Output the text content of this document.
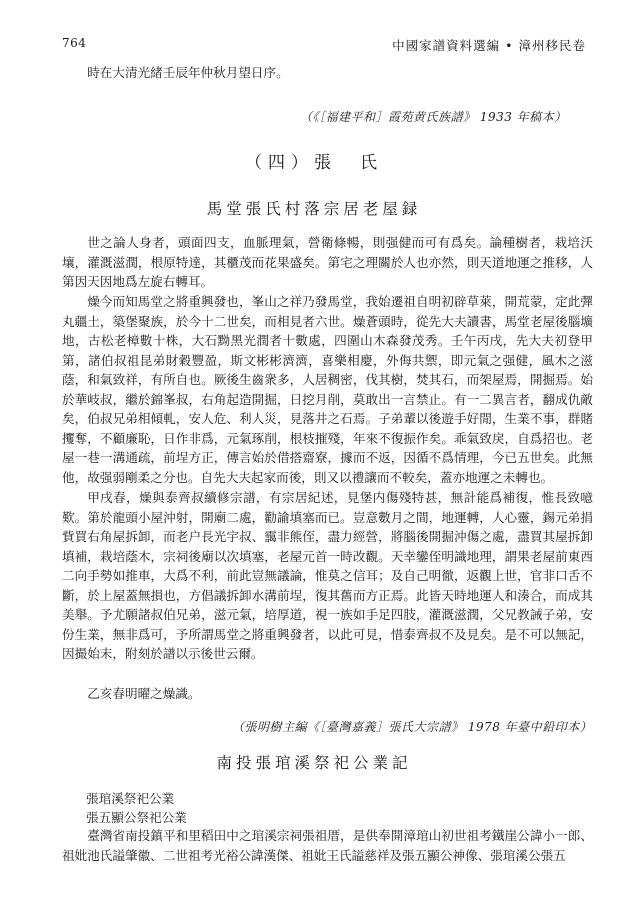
764	中國家譜資料選編 • 漳州移民卷

時在大清光緒壬辰年仲秋月望日序。

（《［福建平和］霞苑黄氏族譜》 1933 年稿本）
（四）張　氏
馬堂張氏村落宗居老屋録

世之論人身者，頭面四支，血脈理氣，營衛條暢，則强健而可有爲矣。論種樹者，栽培沃壤，灌溉滋潤，根原特達，其櫃茂而花果盛矣。第宅之理關於人也亦然，則天道地運之推移，人第因天因地爲左旋右轉耳。

燥今而知馬堂之將重興發也，峯山之祥乃發馬堂，我始遷祖自明初辟草萊，開荒蒙，定此彈丸疆土，築堡聚族，於今十二世矣，而相見者六世。燥蒼頭時，從先大夫讀書，馬堂老屋後腦壙地，古松老樟數十株，大石黝黑光潤者十數處，四圍山木森發茂秀。壬午丙戌，先大夫初登甲第，諸伯叔祖昆弟財穀豐盈，斯文彬彬濟濟，喜樂相慶，外侮共禦，即元氣之强健，風木之滋蔭，和氣致祥，有所自也。厥後生齒衆多，人居稠密，伐其樹，焚其石，而架屋焉，開掘焉。始於華岐叔，繼於錦峯叔，右角起造開掘，日挖月削，莫敢出一言禁止。有一二異言者，翻成仇敵矣，伯叔兄弟相傾軋，安人危、利人災，見落井之石焉。子弟輩以後遊手好閒，生業不事，群賭攫奪，不顧廉恥，日作非爲，元氣琢削，根枝摧殘，年來不復振作矣。乖氣致戾，自爲招也。老屋一巷一溝通疏，前埕方正，傳言始於借搭齋寮，據而不返，因循不爲情理，今已五世矣。此無他，故强弱剛柔之分也。自先大夫起家而後，則又以禮讓而不較矣，蓋亦地運之未轉也。

甲戌春，燥與泰齊叔續修宗譜，有宗居紀述，見堡内傷殘特甚，無計能爲補復，惟長致噫歎。第於龍頭小屋沖射，開廟二處，勸諭填塞而已。豈意數月之間，地運轉，人心靈，錫元弟捐貲買右角屋拆卸，而老户長光宇叔、靄非熊侄，盡力經營，將腦後開掘沖傷之處，盡買其屋拆卸填補，栽培蔭木，宗祠後廟以次填塞，老屋元首一時改觀。天幸鑾侄明識地理，謂果老屋前東西二向手勢如推車，大爲不利，前此豈無議論，惟莫之信耳；及自己明徹，返觀上世，官非口舌不斷，於上屋蓋無損也，方倡議拆卸水溝前埕，復其舊而方正焉。此皆天時地運人和湊合，而成其美舉。予尤願諸叔伯兄弟，滋元氣，培厚道，視一族如手足四肢，灌溉滋潤，父兄教誡子弟，安份生業，無非爲可，予所謂馬堂之將重興發者，以此可見，惜泰齊叔不及見矣。是不可以無記，因撮始末，附刻於譜以示後世云爾。

乙亥春明曜之燥識。

（張明樹主編《［臺灣嘉義］張氏大宗譜》 1978 年臺中鉛印本）
南投張琯溪祭祀公業記
張琯溪祭祀公業
張五顯公祭祀公業

臺灣省南投鎮平和里稻田中之琯溪宗祠張祖厝，是供奉開漳琯山初世祖考鐵崖公諱小一郎、祖妣池氏謚肇徽、二世祖考光裕公諱漢傑、祖妣王氏謚慈祥及張五顯公神像、張琯溪公張五
